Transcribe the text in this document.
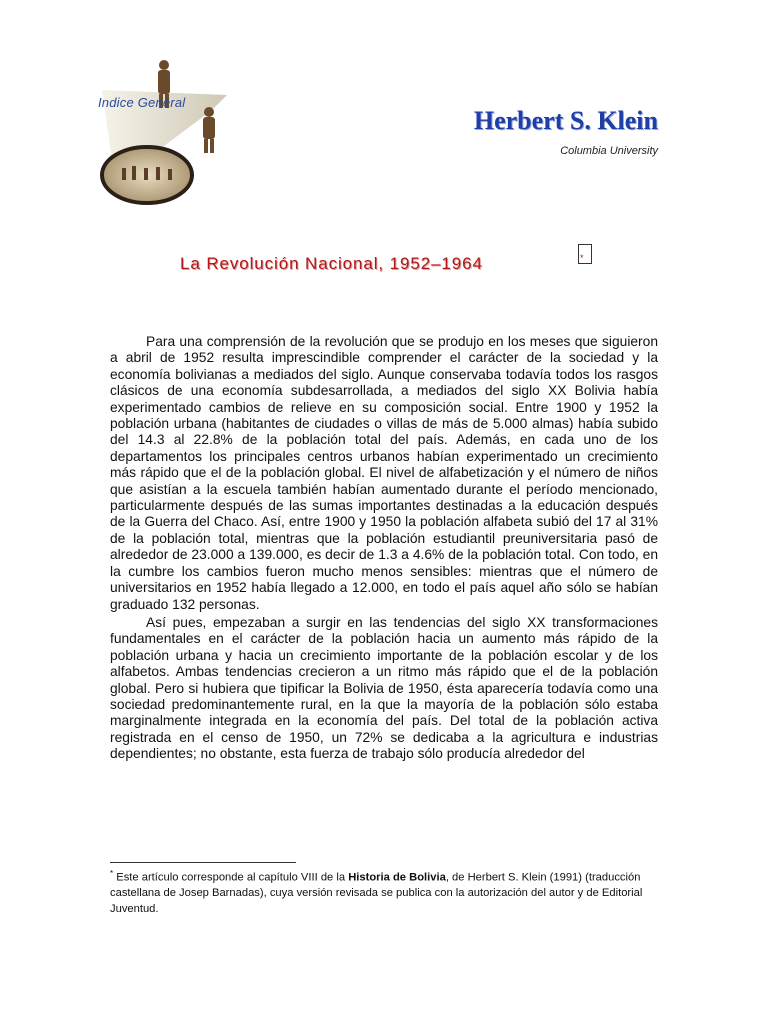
Indice General
Herbert S. Klein
Columbia University
La Revolución Nacional, 1952–1964	*

Para una comprensión de la revolución que se produjo en los meses que siguieron a abril de 1952 resulta imprescindible comprender el carácter de la sociedad y la economía bolivianas a mediados del siglo. Aunque conservaba todavía todos los rasgos clásicos de una economía subdesarrollada, a mediados del siglo XX Bolivia había experimentado cambios de relieve en su composición social. Entre 1900 y 1952 la población urbana (habitantes de ciudades o villas de más de 5.000 almas) había subido del 14.3 al 22.8% de la población total del país. Además, en cada uno de los departamentos los principales centros urbanos habían experimentado un crecimiento más rápido que el de la población global. El nivel de alfabetización y el número de niños que asistían a la escuela también habían aumentado durante el período mencionado, particularmente después de las sumas importantes destinadas a la educación después de la Guerra del Chaco. Así, entre 1900 y 1950 la población alfabeta subió del 17 al 31% de la población total, mientras que la población estudiantil preuniversitaria pasó de alrededor de 23.000 a 139.000, es decir de 1.3 a 4.6% de la población total. Con todo, en la cumbre los cambios fueron mucho menos sensibles: mientras que el número de universitarios en 1952 había llegado a 12.000, en todo el país aquel año sólo se habían graduado 132 personas.

Así pues, empezaban a surgir en las tendencias del siglo XX transformaciones fundamentales en el carácter de la población hacia un aumento más rápido de la población urbana y hacia un crecimiento importante de la población escolar y de los alfabetos. Ambas tendencias crecieron a un ritmo más rápido que el de la población global. Pero si hubiera que tipificar la Bolivia de 1950, ésta aparecería todavía como una sociedad predominantemente rural, en la que la mayoría de la población sólo estaba marginalmente integrada en la economía del país. Del total de la población activa registrada en el censo de 1950, un 72% se dedicaba a la agricultura e industrias dependientes; no obstante, esta fuerza de trabajo sólo producía alrededor del

* Este artículo corresponde al capítulo VIII de la Historia de Bolivia, de Herbert S. Klein (1991) (traducción castellana de Josep Barnadas), cuya versión revisada se publica con la autorización del autor y de Editorial Juventud.
